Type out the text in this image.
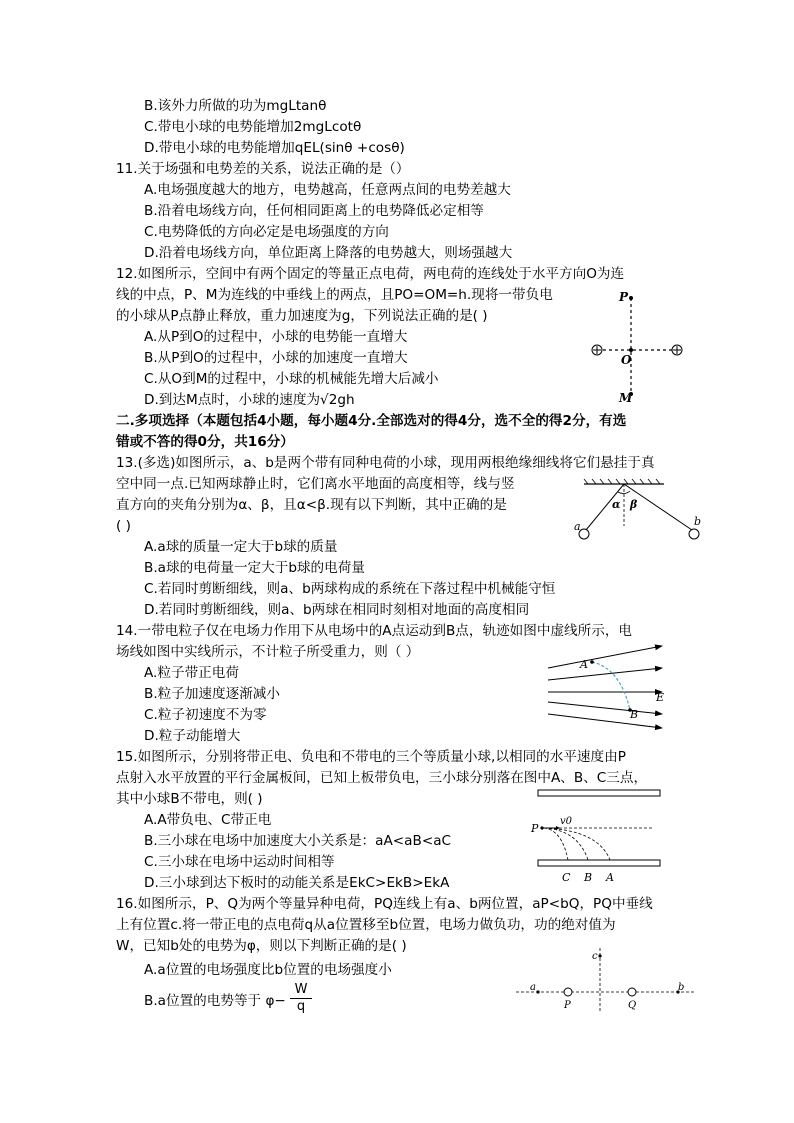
B.该外力所做的功为mgLtanθ
C.带电小球的电势能增加2mgLcotθ
D.带电小球的电势能增加qEL(sinθ +cosθ)
11.关于场强和电势差的关系，说法正确的是（）
A.电场强度越大的地方，电势越高，任意两点间的电势差越大
B.沿着电场线方向，任何相同距离上的电势降低必定相等
C.电势降低的方向必定是电场强度的方向
D.沿着电场线方向，单位距离上降落的电势越大，则场强越大
12.如图所示，空间中有两个固定的等量正点电荷，两电荷的连线处于水平方向O为连
线的中点，P、M为连线的中垂线上的两点，且PO=OM=h.现将一带负电
的小球从P点静止释放，重力加速度为g，下列说法正确的是( )
A.从P到O的过程中，小球的电势能一直增大
B.从P到O的过程中，小球的加速度一直增大
C.从O到M的过程中，小球的机械能先增大后减小
D.到达M点时，小球的速度为√2gh
P
O
M
二.多项选择（本题包括4小题，每小题4分.全部选对的得4分，选不全的得2分，有选
错或不答的得0分，共16分）
13.(多选)如图所示，a、b是两个带有同种电荷的小球，现用两根绝缘细线将它们悬挂于真
空中同一点.已知两球静止时，它们离水平地面的高度相等，线与竖
直方向的夹角分别为α、β，且α<β.现有以下判断，其中正确的是
( )
A.a球的质量一定大于b球的质量
B.a球的电荷量一定大于b球的电荷量
C.若同时剪断细线，则a、b两球构成的系统在下落过程中机械能守恒
D.若同时剪断细线，则a、b两球在相同时刻相对地面的高度相同
α β
a	b
14.一带电粒子仅在电场力作用下从电场中的A点运动到B点，轨迹如图中虚线所示，电
场线如图中实线所示，不计粒子所受重力，则（ ）
A.粒子带正电荷
B.粒子加速度逐渐减小
C.粒子初速度不为零
D.粒子动能增大
A
B
E
15.如图所示，分别将带正电、负电和不带电的三个等质量小球,以相同的水平速度由P
点射入水平放置的平行金属板间，已知上板带负电，三小球分别落在图中A、B、C三点，
其中小球B不带电，则( )
A.A带负电、C带正电
B.三小球在电场中加速度大小关系是：aA<aB<aC
C.三小球在电场中运动时间相等
D.三小球到达下板时的动能关系是EkC>EkB>EkA
P
v0
C B A
16.如图所示，P、Q为两个等量异种电荷，PQ连线上有a、b两位置，aP<bQ，PQ中垂线
上有位置c.将一带正电的点电荷q从a位置移至b位置，电场力做负功，功的绝对值为
W，已知b处的电势为φ，则以下判断正确的是( )
A.a位置的电场强度比b位置的电场强度小
B.a位置的电势等于 $\varphi- \frac{W}{q}$
c
a
P	Q
b
